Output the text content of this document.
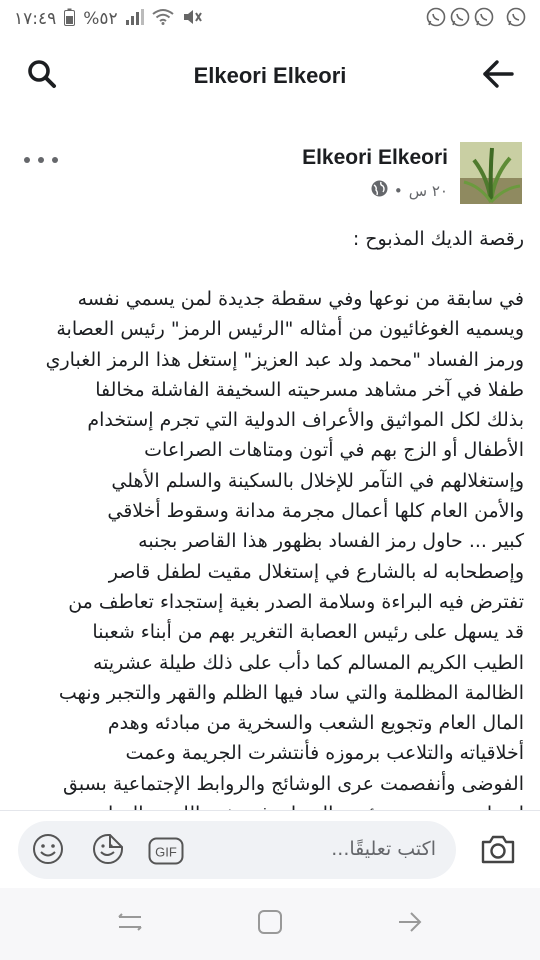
١٧:٤٩ %٥٢
Elkeori Elkeori
Elkeori Elkeori
٢٠ س
•
رقصة الديك المذبوح :
في سابقة من نوعها وفي سقطة جديدة لمن يسمي نفسه
ويسميه الغوغائيون من أمثاله "الرئيس الرمز" رئيس العصابة
ورمز الفساد "محمد ولد عبد العزيز" إستغل هذا الرمز الغباري
طفلا في آخر مشاهد مسرحيته السخيفة الفاشلة مخالفا
بذلك لكل المواثيق والأعراف الدولية التي تجرم إستخدام
الأطفال أو الزج بهم في أتون ومتاهات الصراعات
وإستغلالهم في التآمر للإخلال بالسكينة والسلم الأهلي
والأمن العام كلها أعمال مجرمة مدانة وسقوط أخلاقي
كبير ... حاول رمز الفساد بظهور هذا القاصر بجنبه
وإصطحابه له بالشارع في إستغلال مقيت لطفل قاصر
تفترض فيه البراءة وسلامة الصدر بغية إستجداء تعاطف من
قد يسهل على رئيس العصابة التغرير بهم من أبناء شعبنا
الطيب الكريم المسالم كما دأب على ذلك طيلة عشريته
الظالمة المظلمة والتي ساد فيها الظلم والقهر والتجبر ونهب
المال العام وتجويع الشعب والسخرية من مبادئه وهدم
أخلاقياته والتلاعب برموزه فأنتشرت الجريمة وعمت
الفوضى وأنفصمت عرى الوشائج والروابط الإجتماعية بسبق
اكتب تعليقًا...
GIF
